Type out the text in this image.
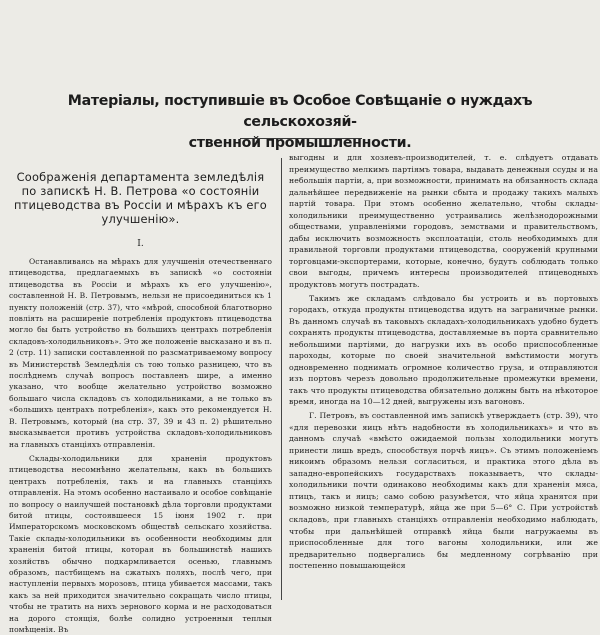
Матеріалы, поступившіе въ Особое Совѣщаніе о нуждахъ сельскохозяй-
ственной промышленности.
Соображенія департамента земледѣлія по запискѣ Н. В. Петрова «о состояніи птицеводства въ Россіи и мѣрахъ къ его улучшенію».
I.

Останавливаясь на мѣрахъ для улучшенія отечественнаго птицеводства, предлагаемыхъ въ запискѣ «о состояніи птицеводства въ Россіи и мѣрахъ къ его улучшенію», составленной Н. В. Петровымъ, нельзя не присоединиться къ 1 пункту положеній (стр. 37), что «мѣрой, способной благотворно повліять на расширеніе потребленія продуктовъ птицеводства могло бы быть устройство въ большихъ центрахъ потребленія складовъ-холодильниковъ». Это же положеніе высказано и въ п. 2 (стр. 11) записки составленной по разсматриваемому вопросу въ Министерствѣ Земледѣлія съ тою только разницею, что въ послѣднемъ случаѣ вопросъ поставленъ шире, а именно указано, что вообще желательно устройство возможно большаго числа складовъ съ холодильниками, а не только въ «большихъ центрахъ потребленія», какъ это рекомендуется Н. В. Петровымъ, который (на стр. 37, 39 и 43 п. 2) рѣшительно высказывается противъ устройства складовъ-холодильниковъ на главныхъ станціяхъ отправленія.

Склады-холодильники для храненія продуктовъ птицеводства несомнѣнно желательны, какъ въ большихъ центрахъ потребленія, такъ и на главныхъ станціяхъ отправленія. На этомъ особенно настаивало и особое совѣщаніе по вопросу о наилучшей постановкѣ дѣла торговли продуктами битой птицы, состоявшееся 15 іюня 1902 г. при Императорскомъ московскомъ обществѣ сельскаго хозяйства. Такіе склады-холодильники въ особенности необходимы для храненія битой птицы, которая въ большинствѣ нашихъ хозяйствъ обычно подкармливается осенью, главнымъ образомъ, пастбищемъ на сжатыхъ поляхъ, послѣ чего, при наступленіи первыхъ морозовъ, птица убивается массами, такъ какъ за ней приходится значительно сокращать число птицы, чтобы не тратить на нихъ зернового корма и не расходоваться на дорого стоящія, болѣе солидно устроенныя теплыя помѣщенія. Въ

выгодны и для хозяевъ-производителей, т. е. слѣдуетъ отдавать преимущество мелкимъ партіямъ товара, выдавать денежныя ссуды и на небольшія партіи, а, при возможности, принимать на обязанность склада дальнѣйшее передвиженіе на рынки сбыта и продажу такихъ малыхъ партій товара. При этомъ особенно желательно, чтобы склады-холодильники преимущественно устраивались желѣзнодорожными обществами, управленіями городовъ, земствами и правительствомъ, дабы исключить возможность эксплоатаціи, столь необходимыхъ для правильной торговли продуктами птицеводства, сооруженій крупными торговцами-экспортерами, которые, конечно, будутъ соблюдать только свои выгоды, причемъ интересы производителей птицеводныхъ продуктовъ могутъ пострадать.

Такимъ же складамъ слѣдовало бы устроить и въ портовыхъ городахъ, откуда продукты птицеводства идутъ на заграничные рынки. Въ данномъ случаѣ въ таковыхъ складахъ-холодильникахъ удобно будетъ сохранять продукты птицеводства, доставляемые въ порта сравнительно небольшими партіями, до нагрузки ихъ въ особо приспособленные пароходы, которые по своей значительной вмѣстимости могутъ одновременно поднимать огромное количество груза, и отправляются изъ портовъ черезъ довольно продолжительные промежутки времени, такъ что продукты птицеводства обязательно должны быть на нѣкоторое время, иногда на 10—12 дней, выгружены изъ вагоновъ.

Г. Петровъ, въ составленной имъ запискѣ утверждаетъ (стр. 39), что «для перевозки яицъ нѣтъ надобности въ холодильникахъ» и что въ данномъ случаѣ «вмѣсто ожидаемой пользы холодильники могутъ принести лишь вредъ, способствуя порчѣ яицъ». Съ этимъ положеніемъ никоимъ образомъ нельзя согласиться, и практика этого дѣла въ западно-европейскихъ государствахъ показываетъ, что склады-холодильники почти одинаково необходимы какъ для храненія мяса, птицъ, такъ и яицъ; само собою разумѣется, что яйца хранятся при возможно низкой температурѣ, яйца же при 5—6° С. При устройствѣ складовъ, при главныхъ станціяхъ отправленія необходимо наблюдать, чтобы при дальнѣйшей отправкѣ яйца были нагружаемы въ приспособленные для того вагоны холодильники, или же предварительно подвергались бы медленному согрѣванію при постепенно повышающейся
